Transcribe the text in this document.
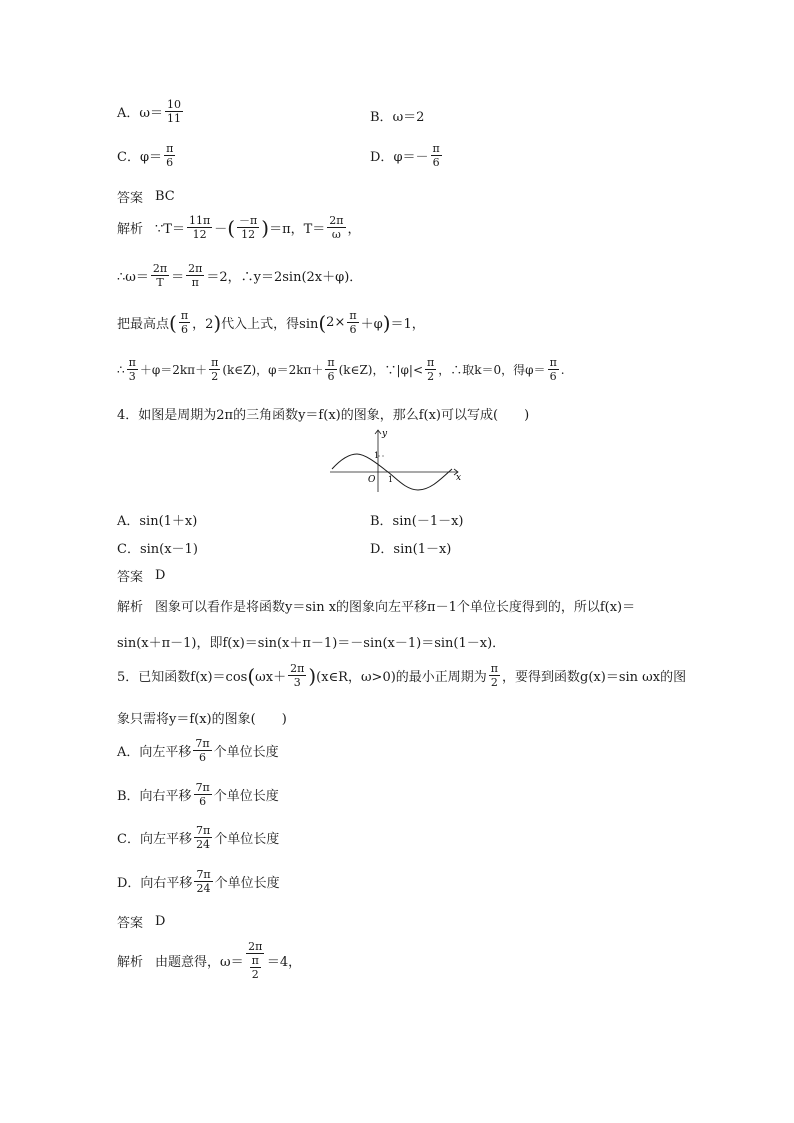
A． $\omega= \frac{10}{11}$	B． ω＝2
C． $\varphi= \frac{\pi}{6}$	D． $\varphi=- \frac{\pi}{6}$
答案 BC
解析 ∵T＝ $\frac{11\pi}{12}$ － ( $\frac{-\pi}{12}$ ) ＝π，$T= \frac{2\pi}{\omega}$ ，
∴ω＝ $\frac{2\pi}{T} = \frac{2\pi}{\pi} =2$，∴y＝2sin(2x＋φ)．
把最高点 ( $\frac{\pi}{6}$ ，2 ) 代入上式，得sin ( $2\times \frac{\pi}{6} +\varphi$ ) ＝1，
∴ $\frac{\pi}{3} +\varphi=2k\pi+ \frac{\pi}{2}$ (k∈Z)，$\varphi=2k\pi+ \frac{\pi}{6}$ (k∈Z)，∵|φ|< $\frac{\pi}{2}$ ，∴取k＝0，得$\varphi= \frac{\pi}{6}$ .
4．如图是周期为2π的三角函数y＝f(x)的图象，那么f(x)可以写成(　　)
y
x
O
1
1
A．sin(1＋x)	B．sin(－1－x)
C．sin(x－1)	D．sin(1－x)
答案 D
解析 图象可以看作是将函数y＝sin x的图象向左平移π－1个单位长度得到的，所以f(x)＝
sin(x＋π－1)，即f(x)＝sin(x＋π－1)＝－sin(x－1)＝sin(1－x)．
5．已知函数f(x)＝cos ( $\omega x+ \frac{2\pi}{3}$ ) (x∈R，ω>0)的最小正周期为 $\frac{\pi}{2}$ ，要得到函数g(x)＝sin ωx的图
象只需将y＝f(x)的图象(　　)
A．向左平移 $\frac{7\pi}{6}$ 个单位长度
B．向右平移 $\frac{7\pi}{6}$ 个单位长度
C．向左平移 $\frac{7\pi}{24}$ 个单位长度
D．向右平移 $\frac{7\pi}{24}$ 个单位长度
答案 D
解析 由题意得，$\omega= \frac{2\pi}{\frac{\pi}{2}} =4$，
